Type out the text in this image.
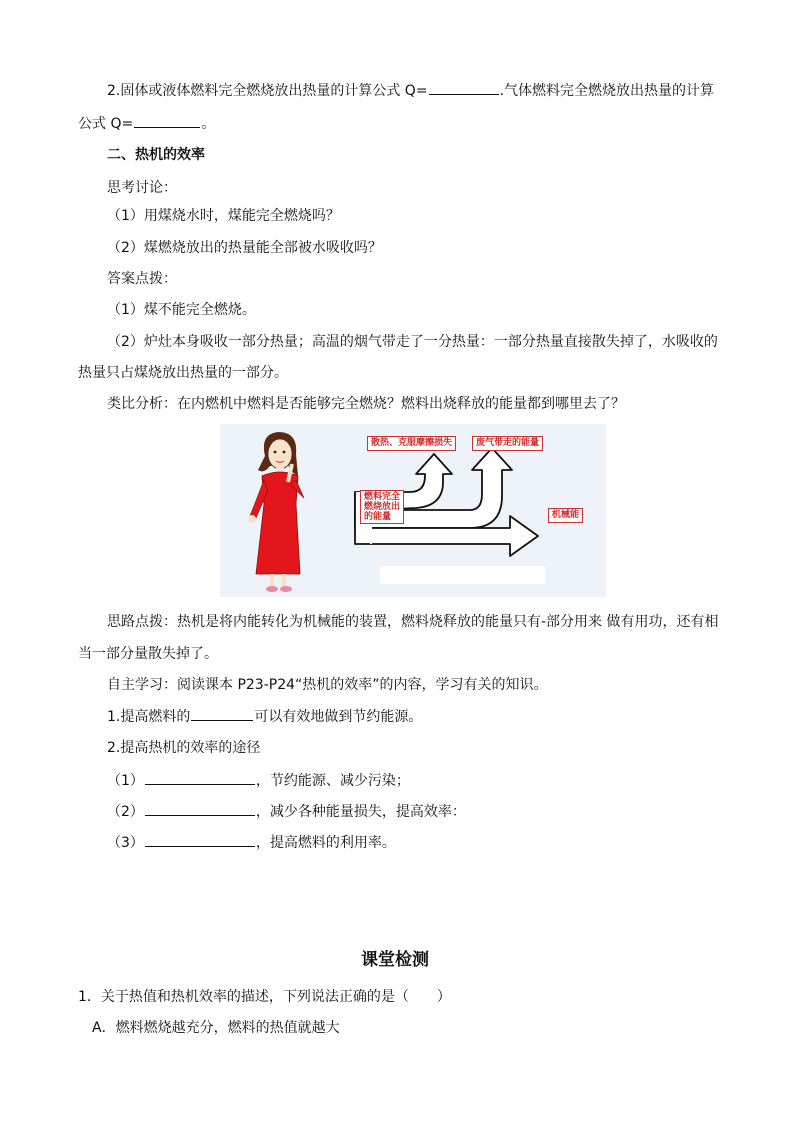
2.固体或液体燃料完全燃烧放出热量的计算公式 Q=	.气体燃料完全燃烧放出热量的计算
公式 Q=	。
二、热机的效率
思考讨论：
（1）用煤烧水时，煤能完全燃烧吗？
（2）煤燃烧放出的热量能全部被水吸收吗？
答案点拨：
（1）煤不能完全燃烧。
（2）炉灶本身吸收一部分热量；高温的烟气带走了一分热量：一部分热量直接散失掉了，水吸收的
热量只占煤烧放出热量的一部分。
类比分析：在内燃机中燃料是否能够完全燃烧？燃料出烧释放的能量都到哪里去了？
散热、克服摩擦损失	废气带走的能量
燃料完全
燃烧放出
的能量	机械能
思路点拨：热机是将内能转化为机械能的装置，燃料烧释放的能量只有-部分用来 做有用功，还有相
当一部分量散失掉了。
自主学习：阅读课本 P23-P24“热机的效率”的内容，学习有关的知识。
1.提高燃料的	可以有效地做到节约能源。
2.提高热机的效率的途径
（1）	，节约能源、减少污染；
（2）	，减少各种能量损失，提高效率：
（3）	，提高燃料的利用率。
课堂检测
1．关于热值和热机效率的描述，下列说法正确的是（　　）
A．燃料燃烧越充分，燃料的热值就越大
